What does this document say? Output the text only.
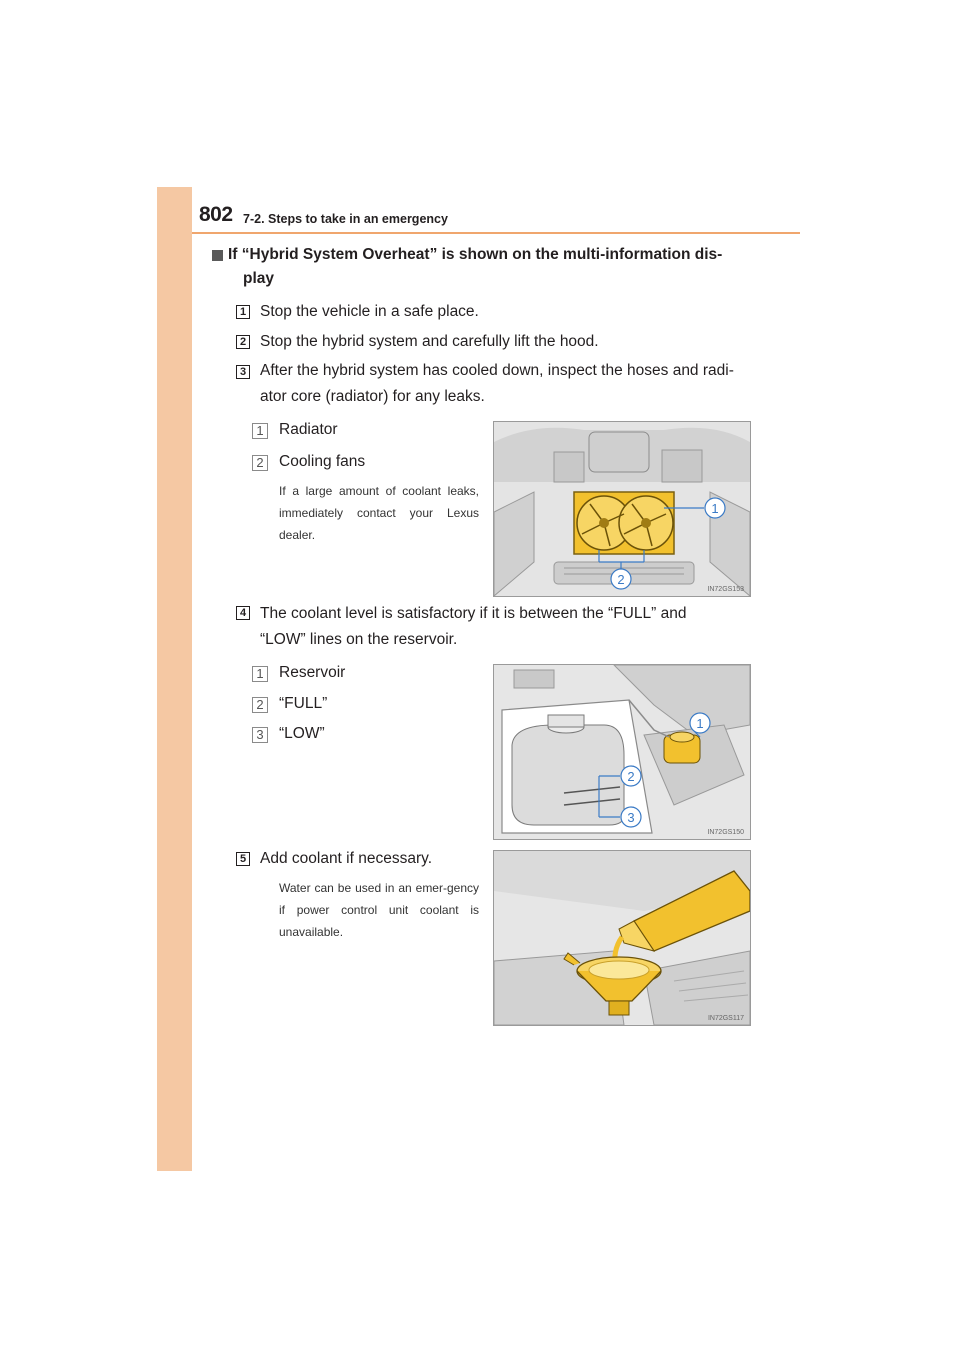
802 7-2. Steps to take in an emergency
If “Hybrid System Overheat” is shown on the multi-information dis-
play
1 Stop the vehicle in a safe place.
2 Stop the hybrid system and carefully lift the hood.
3 After the hybrid system has cooled down, inspect the hoses and radi-
ator core (radiator) for any leaks.
1 Radiator
2 Cooling fans
If a large amount of coolant leaks, immediately contact your Lexus dealer.
1
2
IN72GS153
4 The coolant level is satisfactory if it is between the “FULL” and
“LOW” lines on the reservoir.
1 Reservoir
2 “FULL”
3 “LOW”
1
2
3
IN72GS150
5 Add coolant if necessary.
Water can be used in an emer-gency if power control unit coolant is unavailable.
IN72GS117
